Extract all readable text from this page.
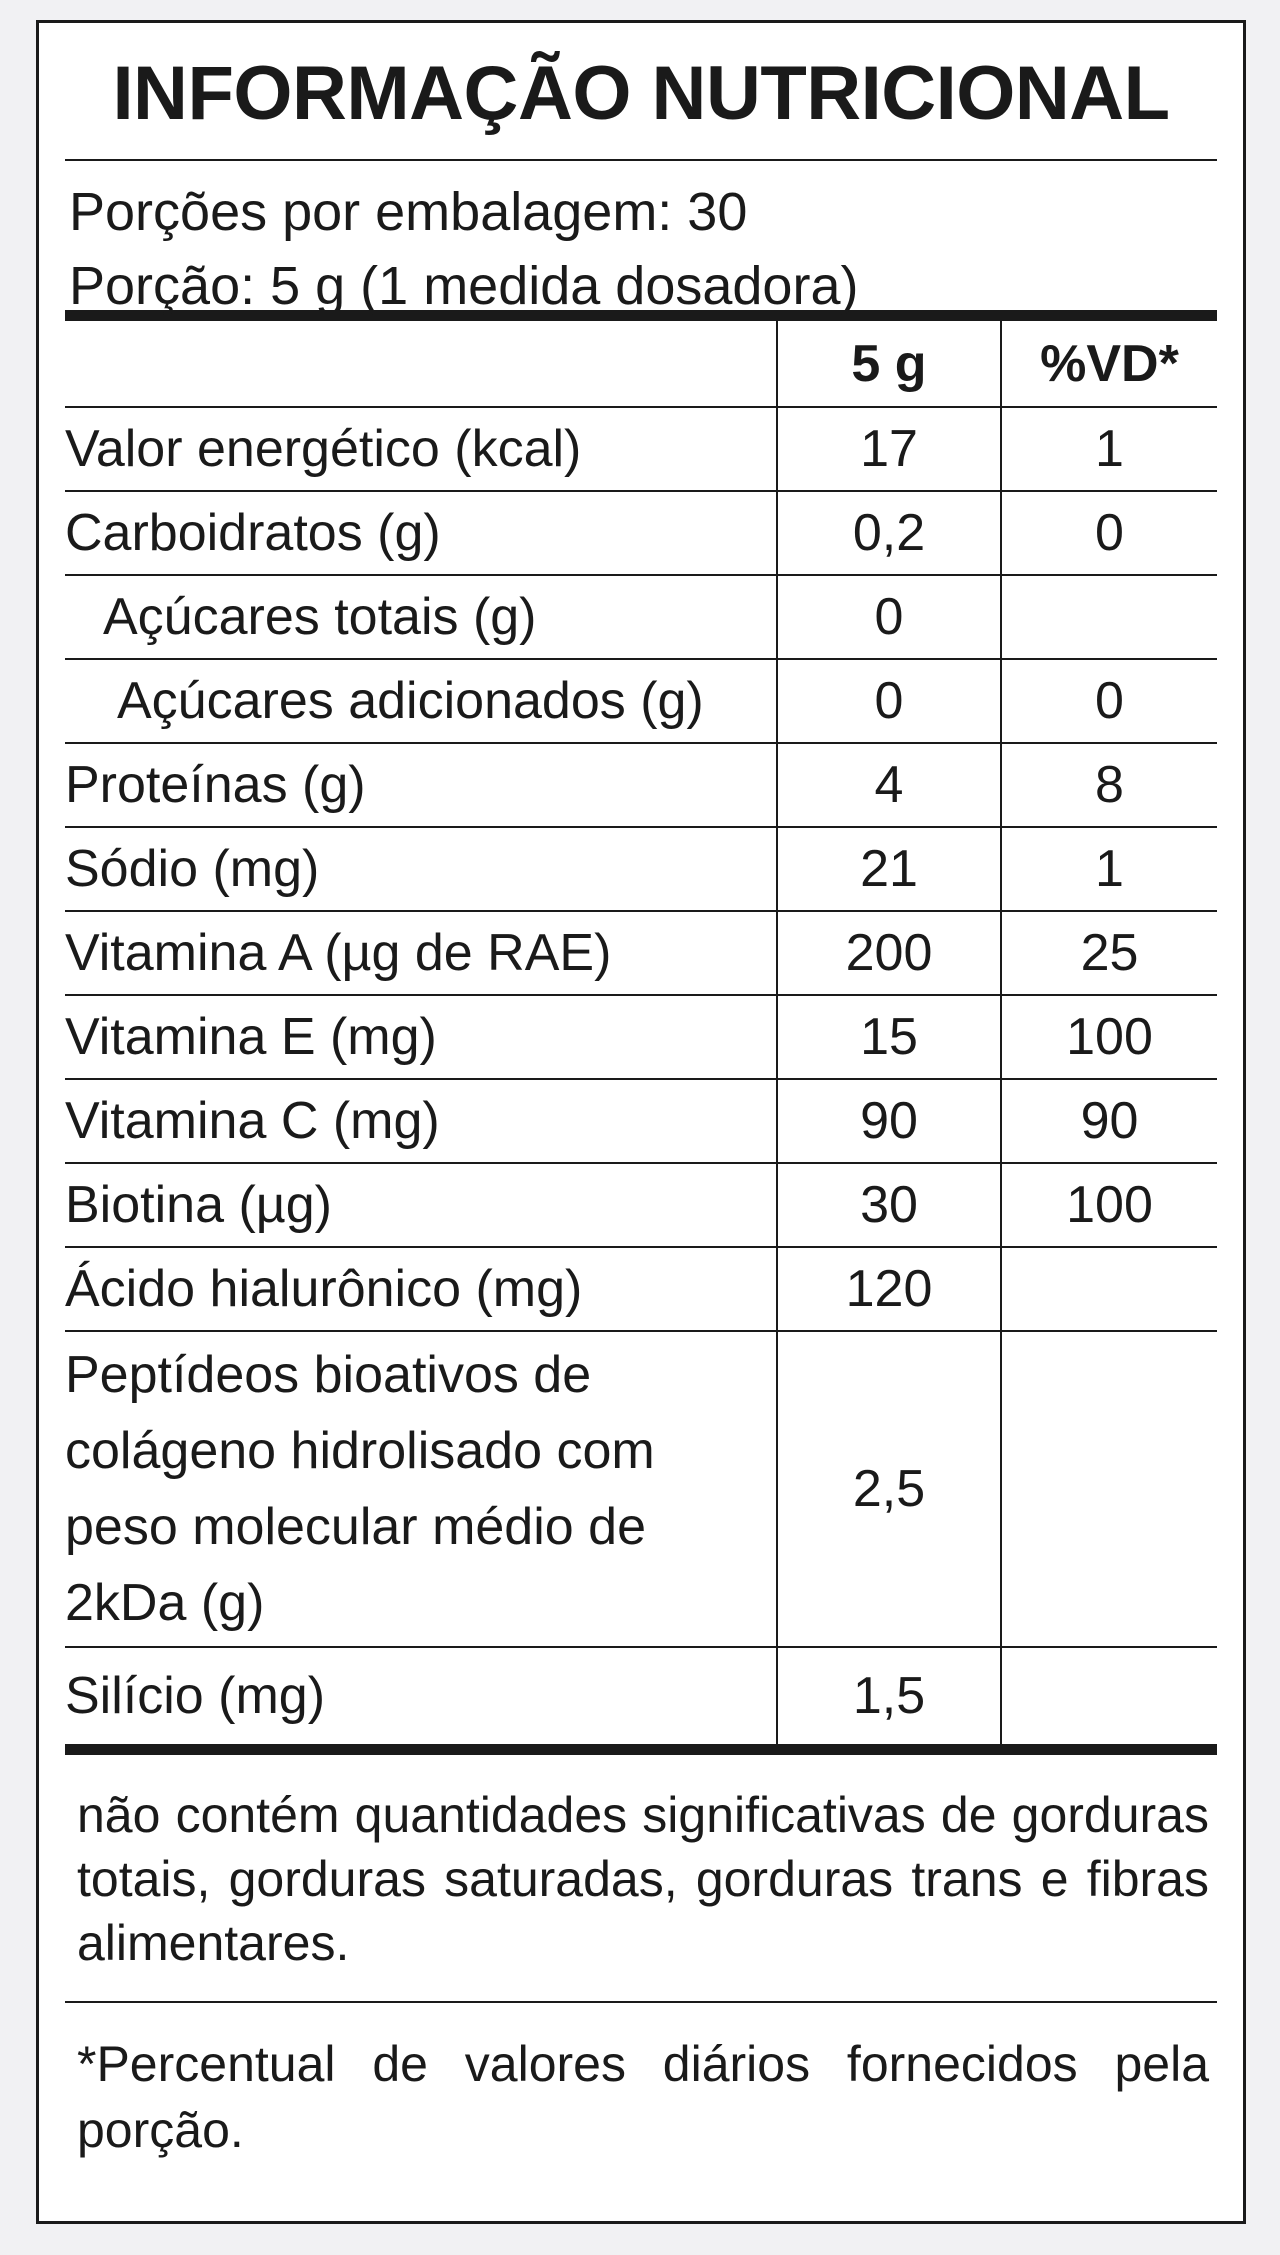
INFORMAÇÃO NUTRICIONAL
Porções por embalagem: 30
Porção: 5 g (1 medida dosadora)
	5 g	%VD*
Valor energético (kcal)	17	1
Carboidratos (g)	0,2	0
Açúcares totais (g)	0	
Açúcares adicionados (g)	0	0
Proteínas (g)	4	8
Sódio (mg)	21	1
Vitamina A (µg de RAE)	200	25
Vitamina E (mg)	15	100
Vitamina C (mg)	90	90
Biotina (µg)	30	100
Ácido hialurônico (mg)	120	
Peptídeos bioativos de colágeno hidrolisado com peso molecular médio de 2kDa (g)	2,5	
Silício (mg)	1,5	
não contém quantidades significativas de gorduras totais, gorduras saturadas, gorduras trans e fibras alimentares.
*Percentual de valores diários fornecidos pela porção.
